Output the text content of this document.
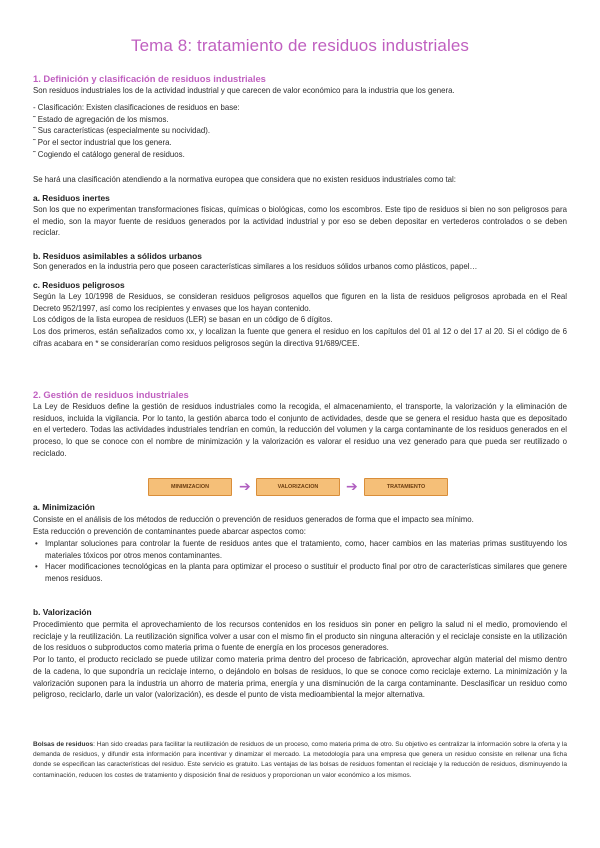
Tema 8: tratamiento de residuos industriales
1. Definición y clasificación de residuos industriales

Son residuos industriales los de la actividad industrial y que carecen de valor económico para la industria que los genera.

- Clasificación: Existen clasificaciones de residuos en base:
˜ Estado de agregación de los mismos.
˜ Sus características (especialmente su nocividad).
˜ Por el sector industrial que los genera.
˜ Cogiendo el catálogo general de residuos.

Se hará una clasificación atendiendo a la normativa europea que considera que no existen residuos industriales como tal:

a. Residuos inertes

Son los que no experimentan transformaciones físicas, químicas o biológicas, como los escombros. Este tipo de residuos si bien no son peligrosos para el medio, son la mayor fuente de residuos generados por la actividad industrial y por eso se deben depositar en vertederos controlados o se deben reciclar.

b. Residuos asimilables a sólidos urbanos

Son generados en la industria pero que poseen características similares a los residuos sólidos urbanos como plásticos, papel…

c. Residuos peligrosos

Según la Ley 10/1998 de Residuos, se consideran residuos peligrosos aquellos que figuren en la lista de residuos peligrosos aprobada en el Real Decreto 952/1997, así como los recipientes y envases que los hayan contenido.

Los códigos de la lista europea de residuos (LER) se basan en un código de 6 dígitos.

Los dos primeros, están señalizados como xx, y localizan la fuente que genera el residuo en los capítulos del 01 al 12 o del 17 al 20. Si el código de 6 cifras acabara en * se considerarían como residuos peligrosos según la directiva 91/689/CEE.

2. Gestión de residuos industriales

La Ley de Residuos define la gestión de residuos industriales como la recogida, el almacenamiento, el transporte, la valorización y la eliminación de residuos, incluida la vigilancia. Por lo tanto, la gestión abarca todo el conjunto de actividades, desde que se genera el residuo hasta que es depositado en el vertedero. Todas las actividades industriales tendrían en común, la reducción del volumen y la carga contaminante de los residuos generados en el proceso, lo que se conoce con el nombre de minimización y la valorización es valorar el residuo una vez generado para que pueda ser reutilizado o reciclado.

MINIMIZACION	➔	VALORIZACION	➔	TRATAMIENTO
a. Minimización

Consiste en el análisis de los métodos de reducción o prevención de residuos generados de forma que el impacto sea mínimo.

Esta reducción o prevención de contaminantes puede abarcar aspectos como:

• Implantar soluciones para controlar la fuente de residuos antes que el tratamiento, como, hacer cambios en las materias primas sustituyendo los materiales tóxicos por otros menos contaminantes.
• Hacer modificaciones tecnológicas en la planta para optimizar el proceso o sustituir el producto final por otro de características similares que genere menos residuos.
b. Valorización

Procedimiento que permita el aprovechamiento de los recursos contenidos en los residuos sin poner en peligro la salud ni el medio, promoviendo el reciclaje y la reutilización. La reutilización significa volver a usar con el mismo fin el producto sin ninguna alteración y el reciclaje consiste en la utilización de los residuos o subproductos como materia prima o fuente de energía en los procesos generadores.

Por lo tanto, el producto reciclado se puede utilizar como materia prima dentro del proceso de fabricación, aprovechar algún material del mismo dentro de la cadena, lo que supondría un reciclaje interno, o dejándolo en bolsas de residuos, lo que se conoce como reciclaje externo. La minimización y la valorización suponen para la industria un ahorro de materia prima, energía y una disminución de la carga contaminante. Desclasificar un residuo como peligroso, reciclarlo, darle un valor (valorización), es desde el punto de vista medioambiental la mejor alternativa.

Bolsas de residuos: Han sido creadas para facilitar la reutilización de residuos de un proceso, como materia prima de otro. Su objetivo es centralizar la información sobre la oferta y la demanda de residuos, y difundir esta información para incentivar y dinamizar el mercado. La metodología para una empresa que genera un residuo consiste en rellenar una ficha donde se especifican las características del residuo. Este servicio es gratuito. Las ventajas de las bolsas de residuos fomentan el reciclaje y la reducción de residuos, disminuyendo la contaminación, reducen los costes de tratamiento y disposición final de residuos y proporcionan un valor económico a los mismos.
